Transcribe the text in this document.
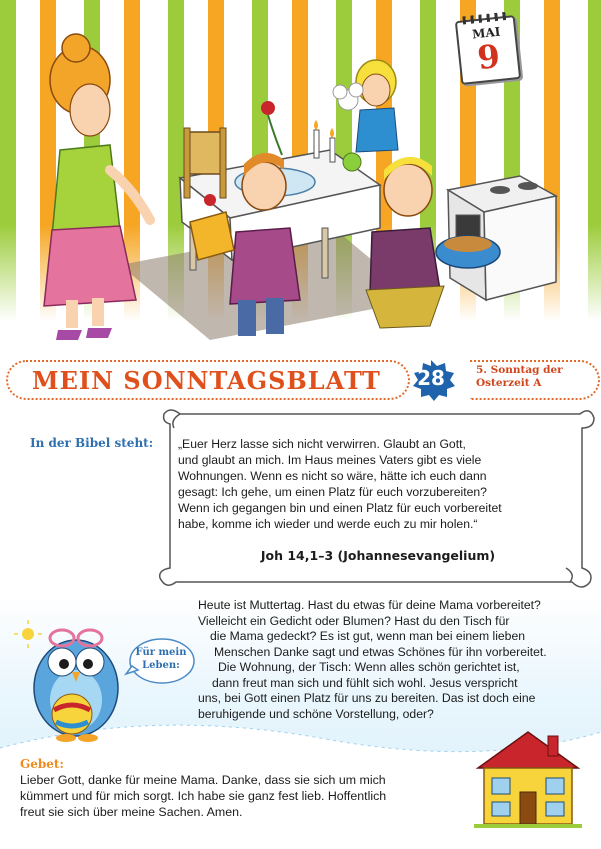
MAI
9
MEIN SONNTAGSBLATT	28	5. Sonntag der
Osterzeit A
In der Bibel steht: „Euer Herz lasse sich nicht verwirren. Glaubt an Gott,

und glaubt an mich. Im Haus meines Vaters gibt es viele

Wohnungen. Wenn es nicht so wäre, hätte ich euch dann

gesagt: Ich gehe, um einen Platz für euch vorzubereiten?

Wenn ich gegangen bin und einen Platz für euch vorbereitet

habe, komme ich wieder und werde euch zu mir holen.“

Joh 14,1–3 (Johannesevangelium)

Heute ist Muttertag. Hast du etwas für deine Mama vorbereitet?

Vielleicht ein Gedicht oder Blumen? Hast du den Tisch für

die Mama gedeckt? Es ist gut, wenn man bei einem lieben

Menschen Danke sagt und etwas Schönes für ihn vorbereitet.

Die Wohnung, der Tisch: Wenn alles schön gerichtet ist,

dann freut man sich und fühlt sich wohl. Jesus verspricht

uns, bei Gott einen Platz für uns zu bereiten. Das ist doch eine

beruhigende und schöne Vorstellung, oder?

Für mein
Leben:
Gebet:

Lieber Gott, danke für meine Mama. Danke, dass sie sich um mich

kümmert und für mich sorgt. Ich habe sie ganz fest lieb. Hoffentlich

freut sie sich über meine Sachen. Amen.
